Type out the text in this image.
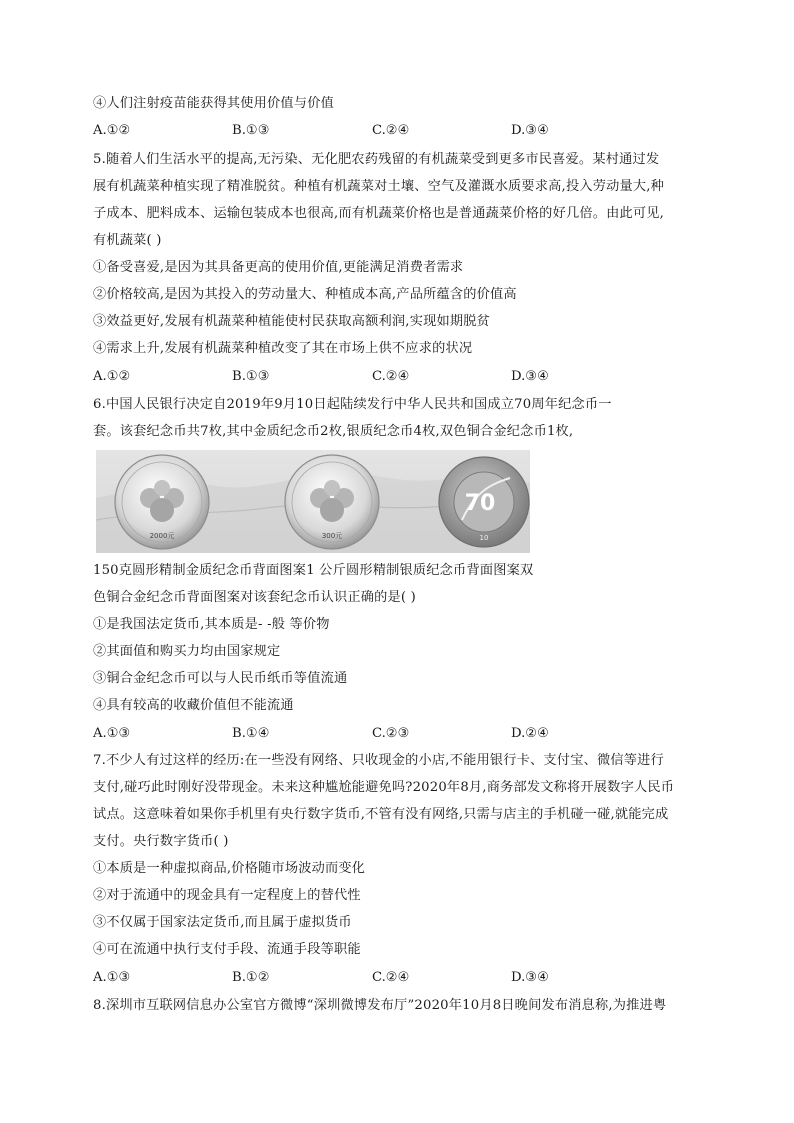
④人们注射疫苗能获得其使用价值与价值
A.①②	B.①③	C.②④	D.③④
5.随着人们生活水平的提高,无污染、无化肥农药残留的有机蔬菜受到更多市民喜爱。某村通过发
展有机蔬菜种植实现了精准脱贫。种植有机蔬菜对土壤、空气及灌溉水质要求高,投入劳动量大,种
子成本、肥料成本、运输包装成本也很高,而有机蔬菜价格也是普通蔬菜价格的好几倍。由此可见,
有机蔬菜( )
①备受喜爱,是因为其具备更高的使用价值,更能满足消费者需求
②价格较高,是因为其投入的劳动量大、种植成本高,产品所蕴含的价值高
③效益更好,发展有机蔬菜种植能使村民获取高额利润,实现如期脱贫
④需求上升,发展有机蔬菜种植改变了其在市场上供不应求的状况
A.①②	B.①③	C.②④	D.③④
6.中国人民银行决定自2019年9月10日起陆续发行中华人民共和国成立70周年纪念币一
套。该套纪念币共7枚,其中金质纪念币2枚,银质纪念币4枚,双色铜合金纪念币1枚,
2000元	300元
70
10
150克圆形精制金质纪念币背面图案1 公斤圆形精制银质纪念币背面图案双
色铜合金纪念币背面图案对该套纪念币认识正确的是( )
①是我国法定货币,其本质是- -般 等价物
②其面值和购买力均由国家规定
③铜合金纪念币可以与人民币纸币等值流通
④具有较高的收藏价值但不能流通
A.①③	B.①④	C.②③	D.②④
7.不少人有过这样的经历:在一些没有网络、只收现金的小店,不能用银行卡、支付宝、微信等进行
支付,碰巧此时刚好没带现金。未来这种尴尬能避免吗?2020年8月,商务部发文称将开展数字人民币
试点。这意味着如果你手机里有央行数字货币,不管有没有网络,只需与店主的手机碰一碰,就能完成
支付。央行数字货币( )
①本质是一种虚拟商品,价格随市场波动而变化
②对于流通中的现金具有一定程度上的替代性
③不仅属于国家法定货币,而且属于虚拟货币
④可在流通中执行支付手段、流通手段等职能
A.①③	B.①②	C.②④	D.③④
8.深圳市互联网信息办公室官方微博“深圳微博发布厅”2020年10月8日晚间发布消息称,为推进粤
